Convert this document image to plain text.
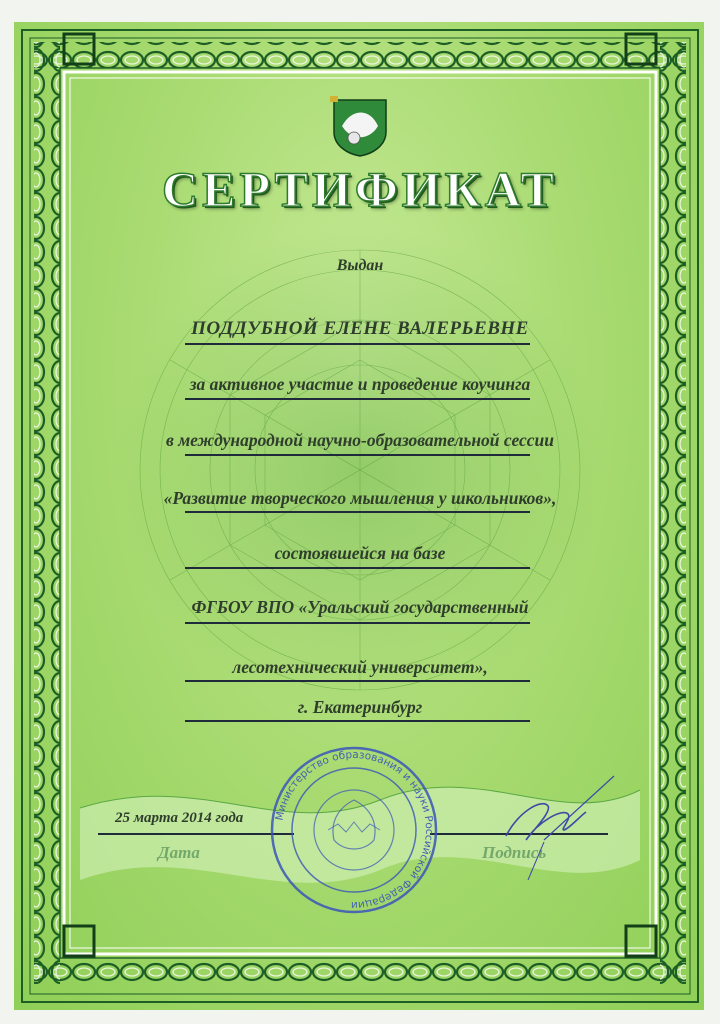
СЕРТИФИКАТ
Выдан
ПОДДУБНОЙ ЕЛЕНЕ ВАЛЕРЬЕВНЕ
за активное участие и проведение коучинга
в международной научно-образовательной сессии
«Развитие творческого мышления у школьников»,
состоявшейся на базе
ФГБОУ ВПО «Уральский государственный
лесотехнический университет»,
г. Екатеринбург
25 марта 2014 года
Дата	Подпись
Министерство образования и науки Российской Федерации
